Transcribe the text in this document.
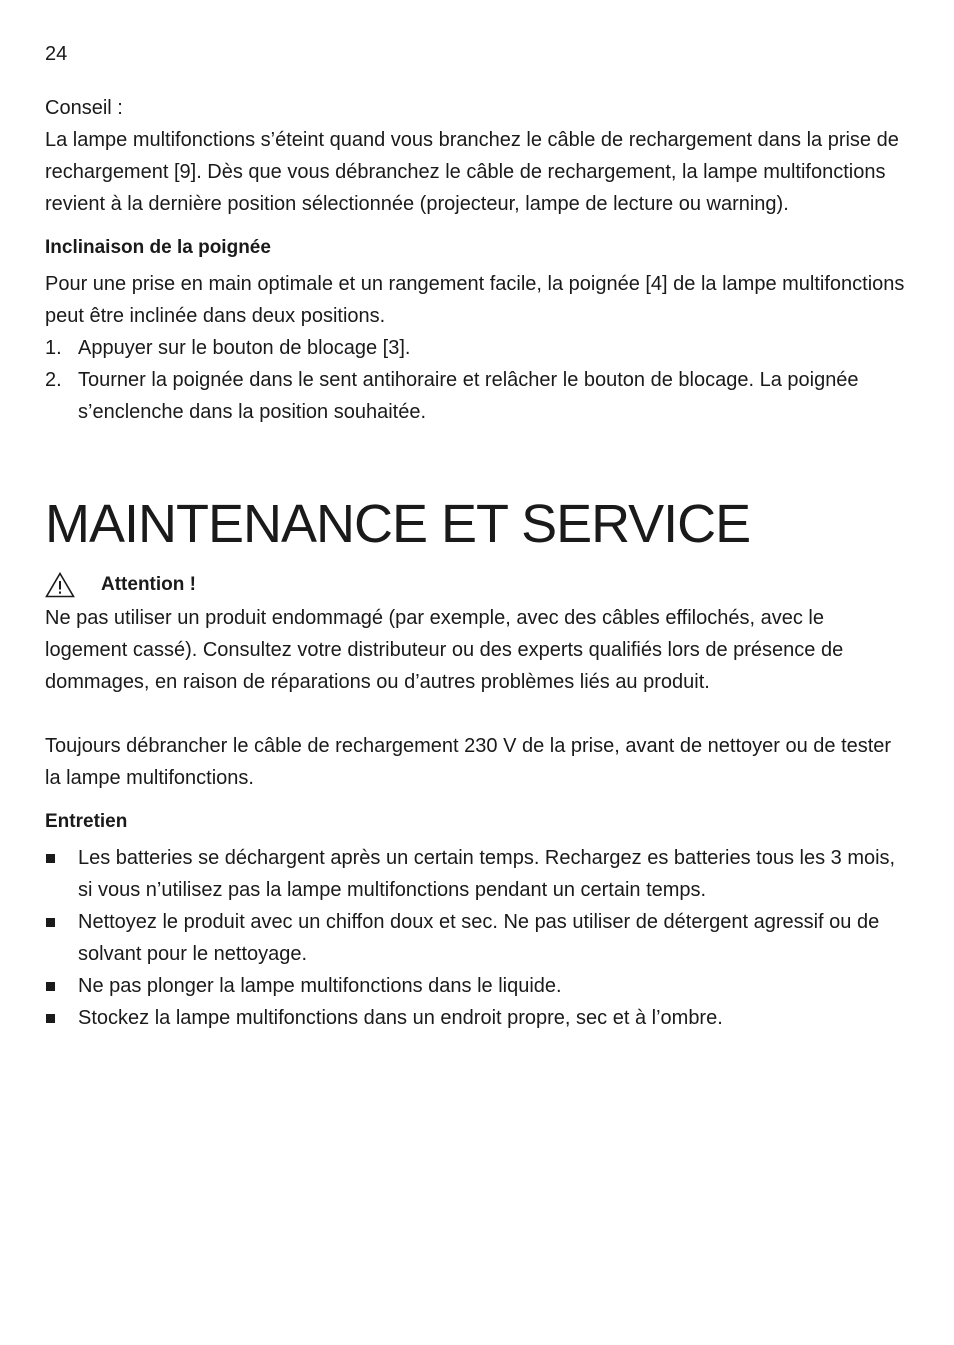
24

Conseil :

La lampe multifonctions s’éteint quand vous branchez le câble de rechargement dans la prise de rechargement [9]. Dès que vous débranchez le câble de rechargement, la lampe multifonctions revient à la dernière position sélectionnée (projecteur, lampe de lecture ou warning).

Inclinaison de la poignée

Pour une prise en main optimale et un rangement facile, la poignée [4] de la lampe multifonctions peut être inclinée dans deux positions.

1. Appuyer sur le bouton de blocage [3].
2. Tourner la poignée dans le sent antihoraire et relâcher le bouton de blocage. La poignée s’enclenche dans la position souhaitée.
MAINTENANCE ET SERVICE
Attention !

Ne pas utiliser un produit endommagé (par exemple, avec des câbles effilochés, avec le logement cassé). Consultez votre distributeur ou des experts qualifiés lors de présence de dommages, en raison de réparations ou d’autres problèmes liés au produit.

Toujours débrancher le câble de rechargement 230 V de la prise, avant de nettoyer ou de tester la lampe multifonctions.

Entretien
Les batteries se déchargent après un certain temps. Rechargez es batteries tous les 3 mois, si vous n’utilisez pas la lampe multifonctions pendant un certain temps.
Nettoyez le produit avec un chiffon doux et sec. Ne pas utiliser de détergent agressif ou de solvant pour le nettoyage.
Ne pas plonger la lampe multifonctions dans le liquide.
Stockez la lampe multifonctions dans un endroit propre, sec et à l’ombre.
